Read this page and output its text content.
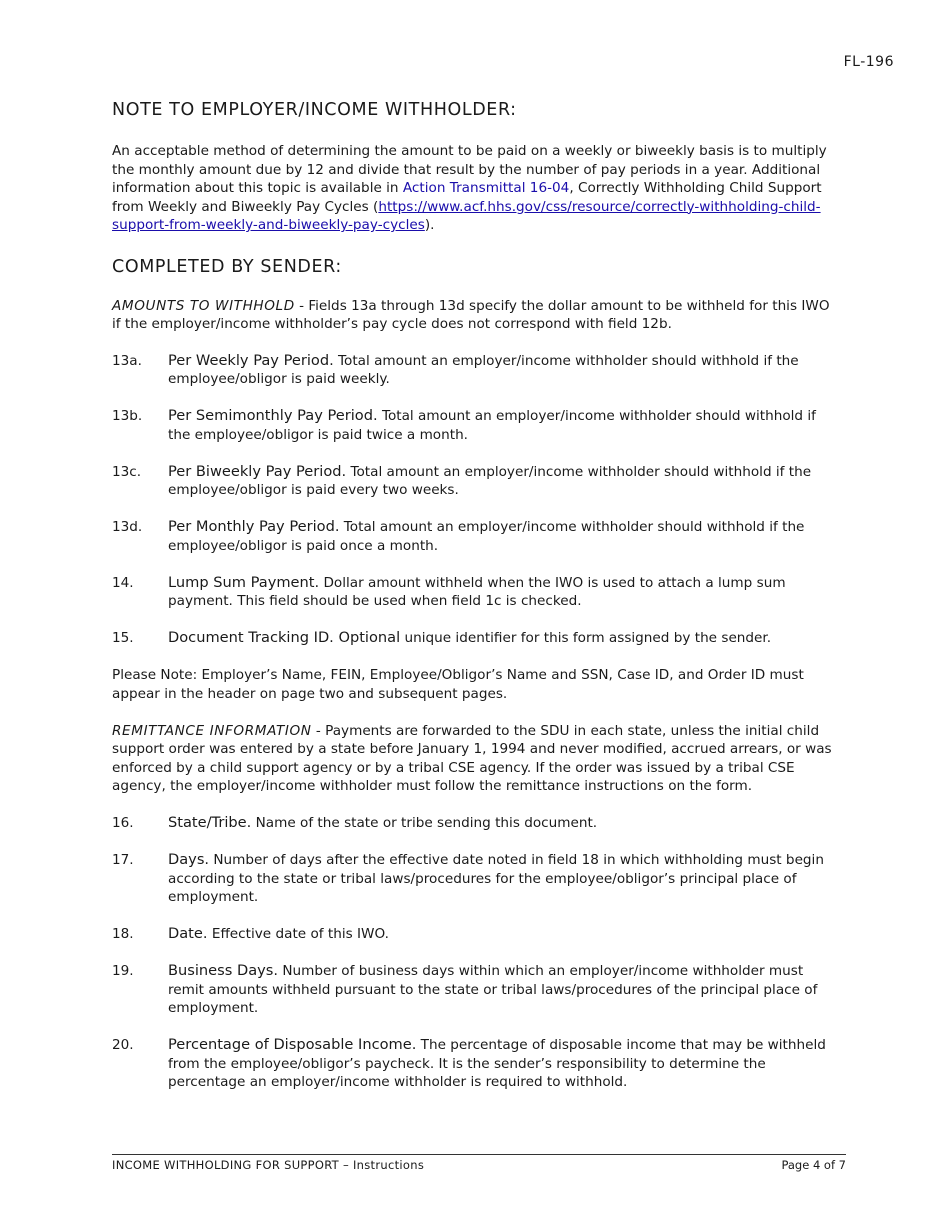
FL-196
NOTE TO EMPLOYER/INCOME WITHHOLDER:

An acceptable method of determining the amount to be paid on a weekly or biweekly basis is to multiply the monthly amount due by 12 and divide that result by the number of pay periods in a year. Additional information about this topic is available in Action Transmittal 16-04, Correctly Withholding Child Support from Weekly and Biweekly Pay Cycles (https://www.acf.hhs.gov/css/resource/correctly-withholding-child-support-from-weekly-and-biweekly-pay-cycles).

COMPLETED BY SENDER:

AMOUNTS TO WITHHOLD - Fields 13a through 13d specify the dollar amount to be withheld for this IWO if the employer/income withholder’s pay cycle does not correspond with field 12b.

13a.	Per Weekly Pay Period. Total amount an employer/income withholder should withhold if the employee/obligor is paid weekly.
13b.	Per Semimonthly Pay Period. Total amount an employer/income withholder should withhold if the employee/obligor is paid twice a month.
13c.	Per Biweekly Pay Period. Total amount an employer/income withholder should withhold if the employee/obligor is paid every two weeks.
13d.	Per Monthly Pay Period. Total amount an employer/income withholder should withhold if the employee/obligor is paid once a month.
14.	Lump Sum Payment. Dollar amount withheld when the IWO is used to attach a lump sum payment. This field should be used when field 1c is checked.
15.	Document Tracking ID. Optional unique identifier for this form assigned by the sender.

Please Note: Employer’s Name, FEIN, Employee/Obligor’s Name and SSN, Case ID, and Order ID must appear in the header on page two and subsequent pages.

REMITTANCE INFORMATION - Payments are forwarded to the SDU in each state, unless the initial child support order was entered by a state before January 1, 1994 and never modified, accrued arrears, or was enforced by a child support agency or by a tribal CSE agency. If the order was issued by a tribal CSE agency, the employer/income withholder must follow the remittance instructions on the form.

16.	State/Tribe. Name of the state or tribe sending this document.
17.	Days. Number of days after the effective date noted in field 18 in which withholding must begin according to the state or tribal laws/procedures for the employee/obligor’s principal place of employment.
18.	Date. Effective date of this IWO.
19.	Business Days. Number of business days within which an employer/income withholder must remit amounts withheld pursuant to the state or tribal laws/procedures of the principal place of employment.
20.	Percentage of Disposable Income. The percentage of disposable income that may be withheld from the employee/obligor’s paycheck. It is the sender’s responsibility to determine the percentage an employer/income withholder is required to withhold.
INCOME WITHHOLDING FOR SUPPORT – Instructions	Page 4 of 7
